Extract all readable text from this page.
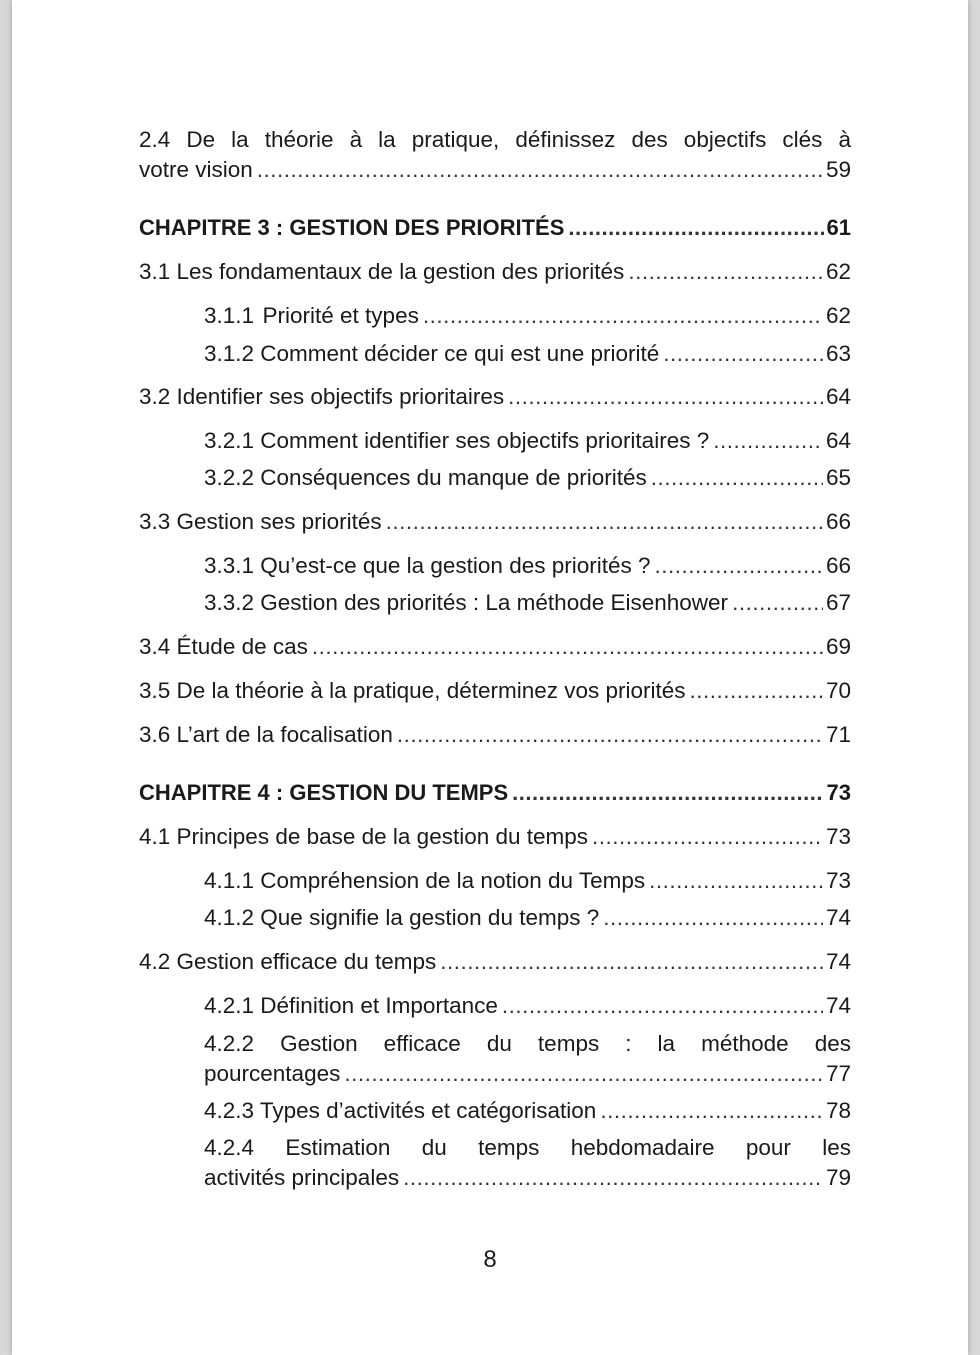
2.4 De la théorie à la pratique, définissez des objectifs clés à
votre vision .....	59
CHAPITRE 3 : GESTION DES PRIORITÉS .....	61
3.1 Les fondamentaux de la gestion des priorités .....	62
3.1.1 Priorité et types .....	62
3.1.2 Comment décider ce qui est une priorité .....	63
3.2 Identifier ses objectifs prioritaires .....	64
3.2.1 Comment identifier ses objectifs prioritaires ? .....	64
3.2.2 Conséquences du manque de priorités .....	65
3.3 Gestion ses priorités .....	66
3.3.1 Qu’est-ce que la gestion des priorités ? .....	66
3.3.2 Gestion des priorités : La méthode Eisenhower .....	67
3.4 Étude de cas .....	69
3.5 De la théorie à la pratique, déterminez vos priorités .....	70
3.6 L’art de la focalisation .....	71
CHAPITRE 4 : GESTION DU TEMPS .....	73
4.1 Principes de base de la gestion du temps .....	73
4.1.1 Compréhension de la notion du Temps .....	73
4.1.2 Que signifie la gestion du temps ? .....	74
4.2 Gestion efficace du temps .....	74
4.2.1 Définition et Importance .....	74
4.2.2 Gestion efficace du temps : la méthode des
pourcentages .....	77
4.2.3 Types d’activités et catégorisation .....	78
4.2.4 Estimation du temps hebdomadaire pour les
activités principales .....	79
8
